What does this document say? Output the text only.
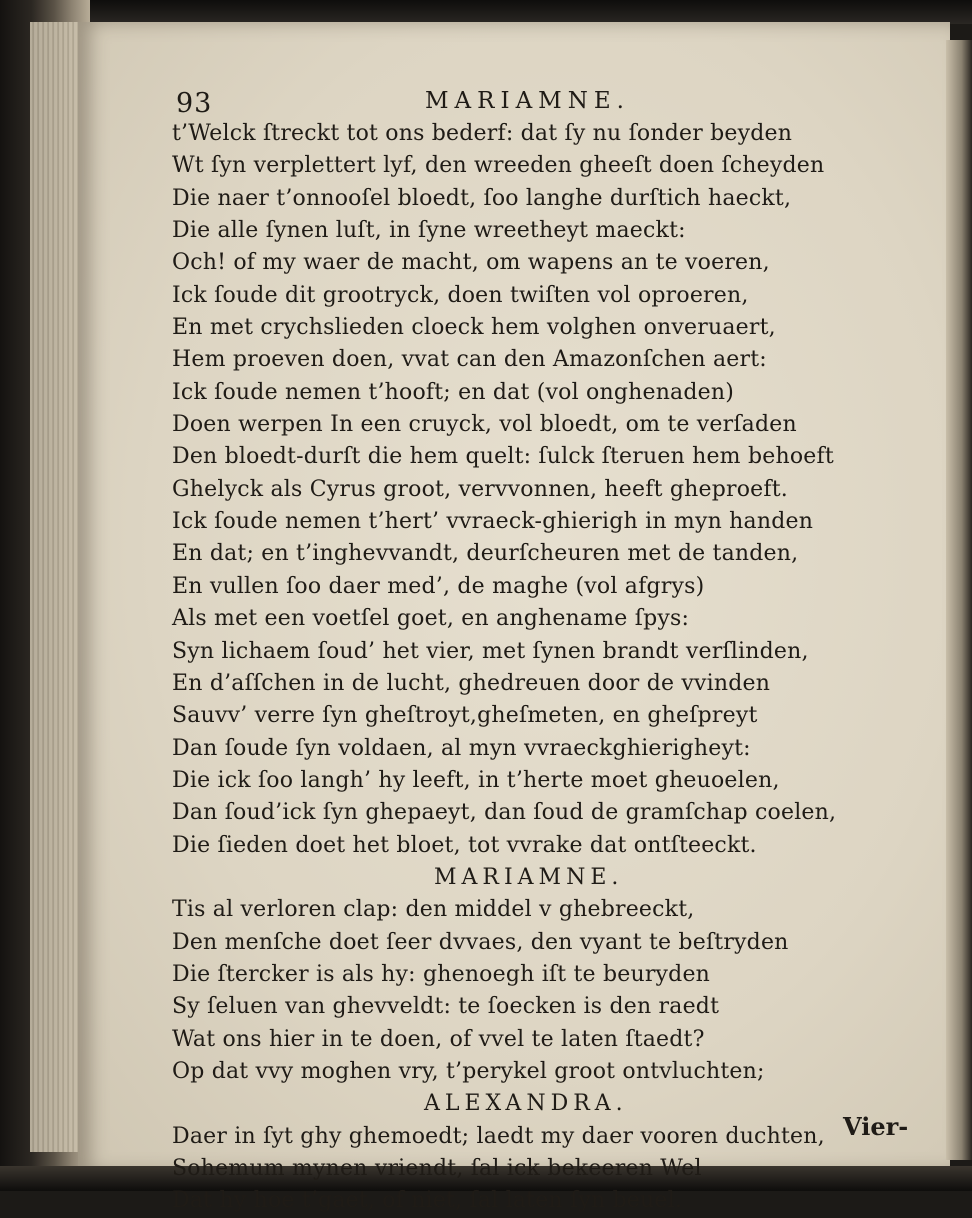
93	MARIAMNE.
t’Welck ſtreckt tot ons bederf: dat ſy nu ſonder beyden
Wt ſyn verplettert lyf, den wreeden gheeſt doen ſcheyden
Die naer t’onnooſel bloedt, ſoo langhe durſtich haeckt,
Die alle ſynen luſt, in ſyne wreetheyt maeckt:
Och! of my waer de macht, om wapens an te voeren,
Ick ſoude dit grootryck, doen twiſten vol oproeren,
En met crychslieden cloeck hem volghen onveruaert,
Hem proeven doen, vvat can den Amazonſchen aert:
Ick ſoude nemen t’hooft; en dat (vol onghenaden)
Doen werpen In een cruyck, vol bloedt, om te verſaden
Den bloedt-durſt die hem quelt: ſulck ſteruen hem behoeft
Ghelyck als Cyrus groot, vervvonnen, heeft gheproeft.
Ick ſoude nemen t’hert’ vvraeck-ghierigh in myn handen
En dat; en t’inghevvandt, deurſcheuren met de tanden,
En vullen ſoo daer med’, de maghe (vol afgrys)
Als met een voetſel goet, en anghename ſpys:
Syn lichaem ſoud’ het vier, met ſynen brandt verſlinden,
En d’aſſchen in de lucht, ghedreuen door de vvinden
Sauvv’ verre ſyn gheſtroyt,gheſmeten, en gheſpreyt
Dan ſoude ſyn voldaen, al myn vvraeckghierigheyt:
Die ick ſoo langh’ hy leeft, in t’herte moet gheuoelen,
Dan ſoud’ick ſyn ghepaeyt, dan ſoud de gramſchap coelen,
Die ſieden doet het bloet, tot vvrake dat ontſteeckt.
MARIAMNE.
Tis al verloren clap: den middel v ghebreeckt,
Den menſche doet ſeer dvvaes, den vyant te beſtryden
Die ſtercker is als hy: ghenoegh iſt te beuryden
Sy ſeluen van ghevveldt: te ſoecken is den raedt
Wat ons hier in te doen, of vvel te laten ſtaedt?
Op dat vvy moghen vry, t’perykel groot ontvluchten;
ALEXANDRA.
Daer in ſyt ghy ghemoedt; laedt my daer vooren duchten,
Sohemum mynen vriendt, ſal ick bekeeren Wel
Dat hy hoe t’gaet, of niet, ſal laten ſyn beuel.
Vier-
